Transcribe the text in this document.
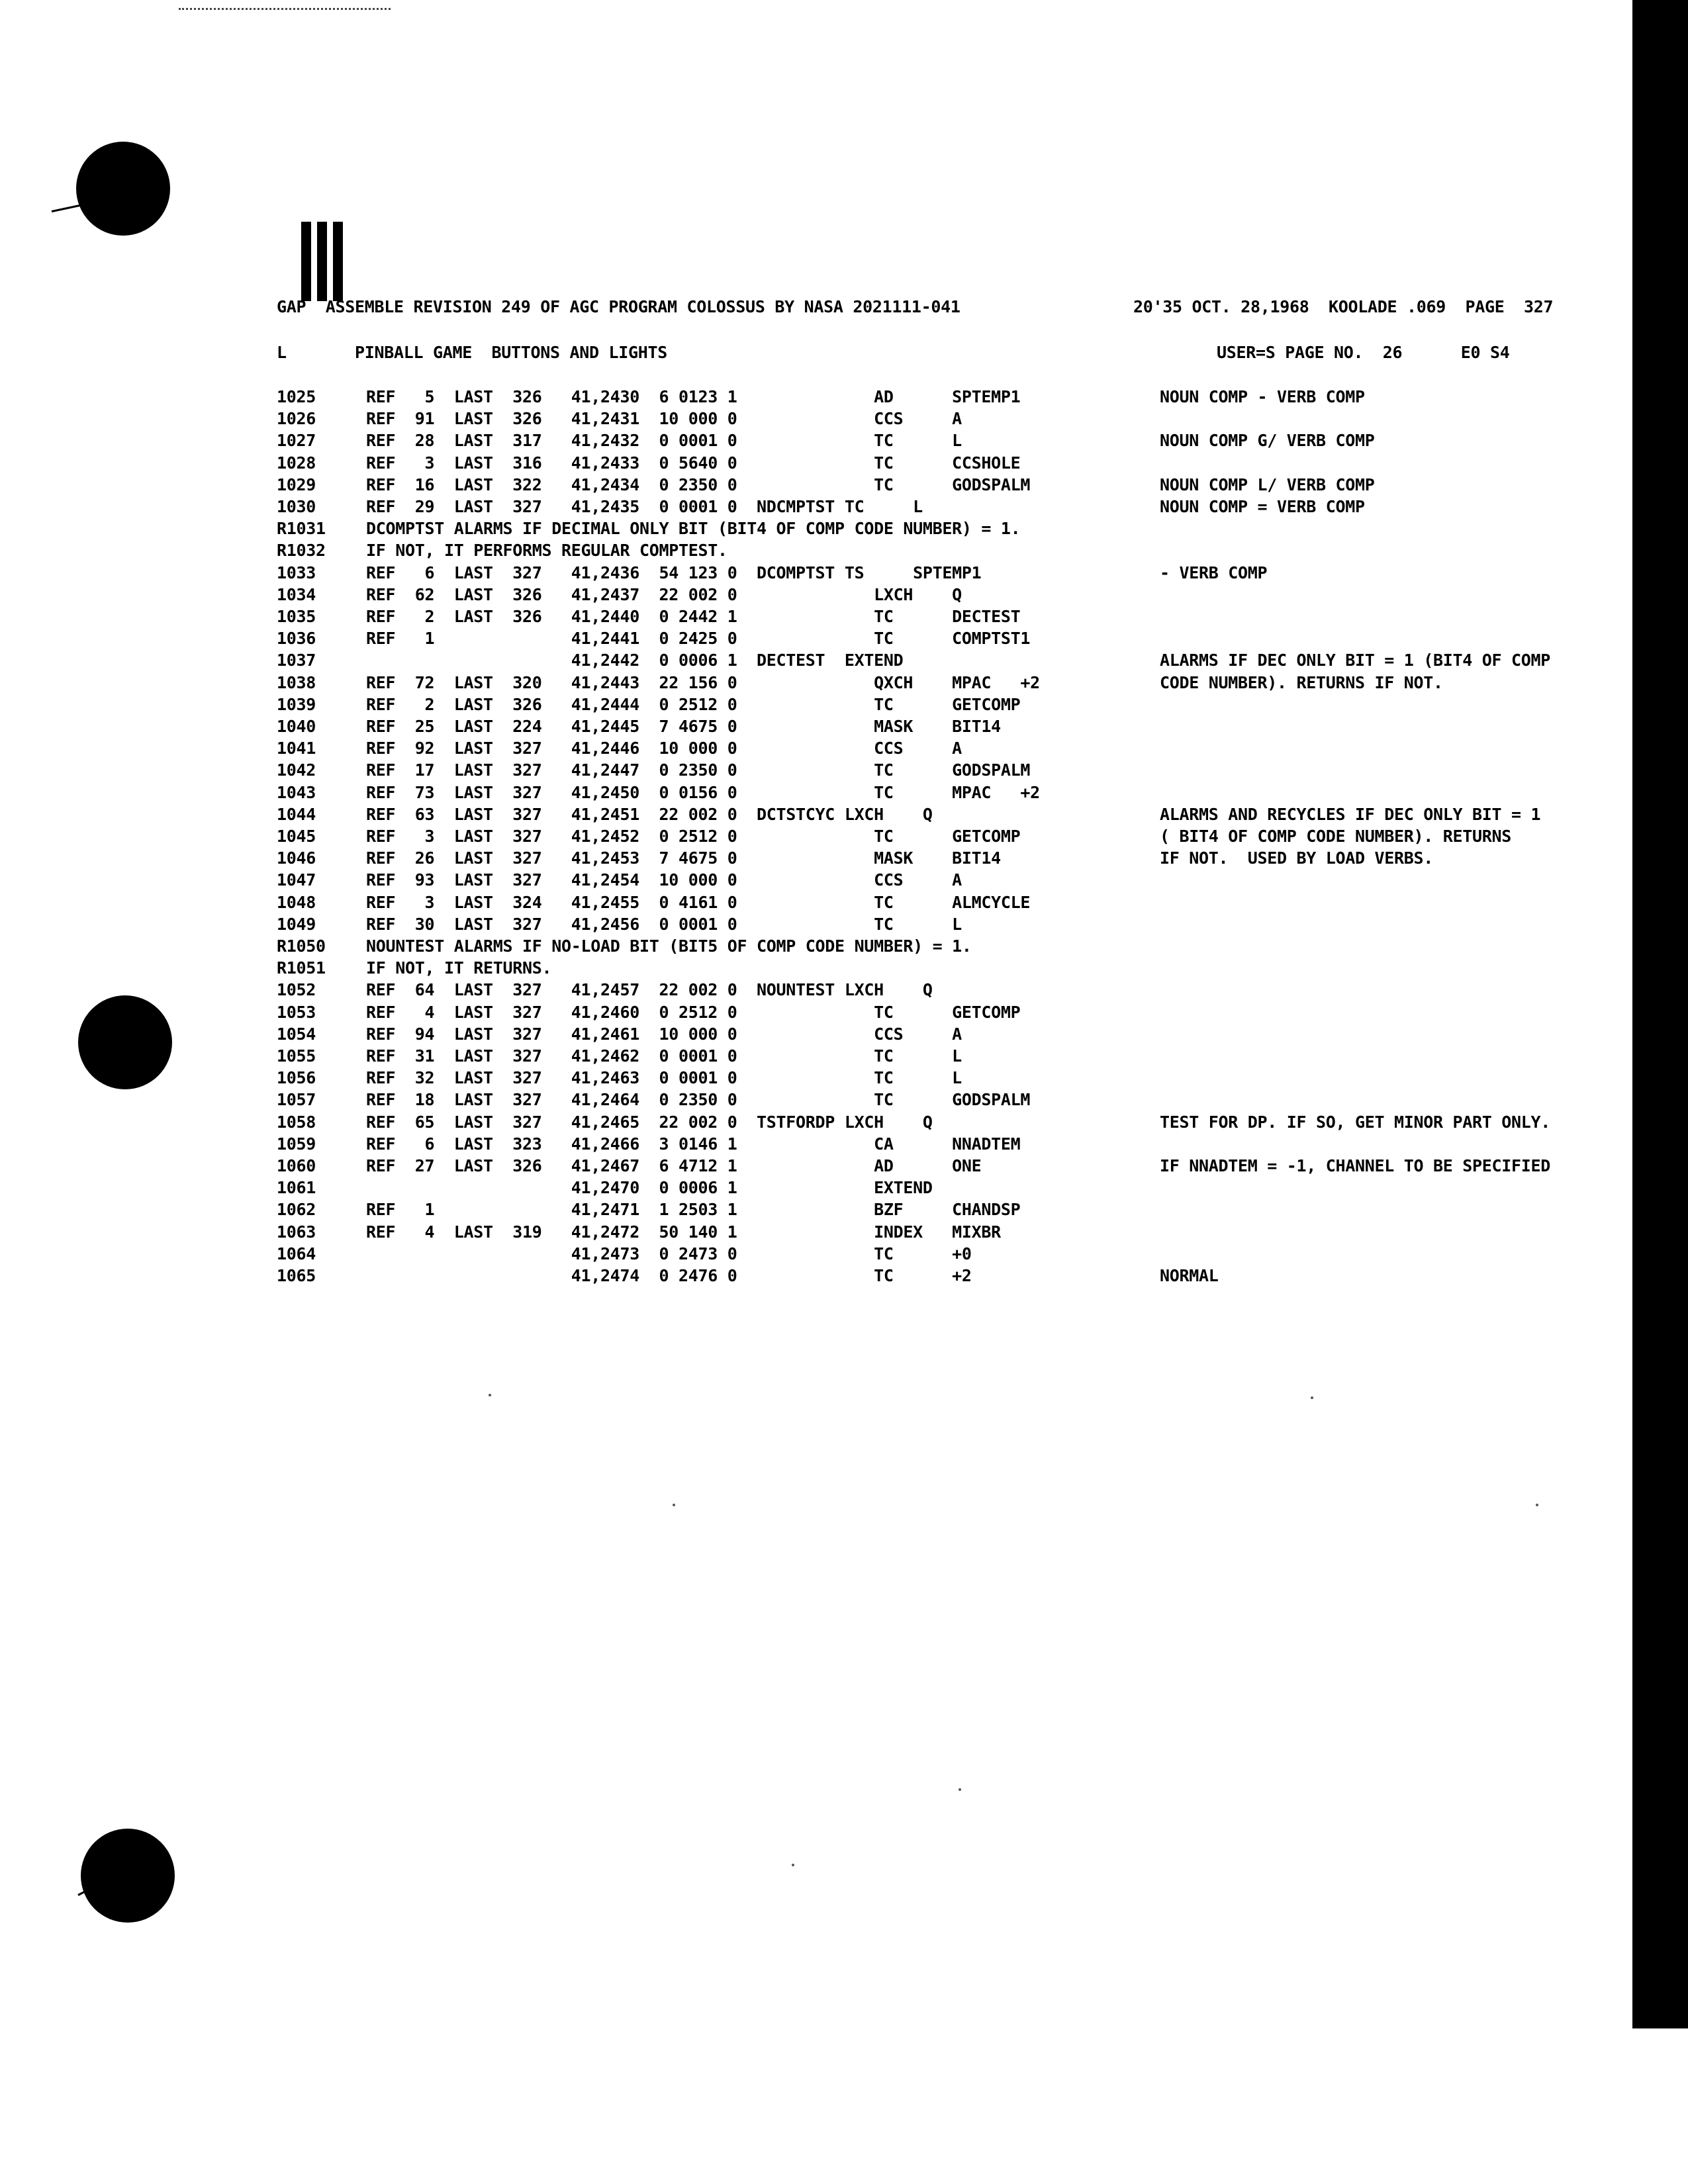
GAP  ASSEMBLE REVISION 249 OF AGC PROGRAM COLOSSUS BY NASA 2021111-041	20'35 OCT. 28,1968  KOOLADE .069  PAGE  327
L       PINBALL GAME  BUTTONS AND LIGHTS	USER=S PAGE NO.  26      E0 S4
1025	REF   5  LAST  326   41,2430  6 0123 1              AD      SPTEMP1	NOUN COMP - VERB COMP
1026	REF  91  LAST  326   41,2431  10 000 0              CCS     A
1027	REF  28  LAST  317   41,2432  0 0001 0              TC      L	NOUN COMP G/ VERB COMP
1028	REF   3  LAST  316   41,2433  0 5640 0              TC      CCSHOLE
1029	REF  16  LAST  322   41,2434  0 2350 0              TC      GODSPALM	NOUN COMP L/ VERB COMP
1030	REF  29  LAST  327   41,2435  0 0001 0  NDCMPTST TC     L	NOUN COMP = VERB COMP
R1031 DCOMPTST ALARMS IF DECIMAL ONLY BIT (BIT4 OF COMP CODE NUMBER) = 1.
R1032 IF NOT, IT PERFORMS REGULAR COMPTEST.
1033	REF   6  LAST  327   41,2436  54 123 0  DCOMPTST TS     SPTEMP1	- VERB COMP
1034	REF  62  LAST  326   41,2437  22 002 0              LXCH    Q
1035	REF   2  LAST  326   41,2440  0 2442 1              TC      DECTEST
1036	REF   1              41,2441  0 2425 0              TC      COMPTST1
1037	41,2442  0 0006 1  DECTEST  EXTEND	ALARMS IF DEC ONLY BIT = 1 (BIT4 OF COMP
1038	REF  72  LAST  320   41,2443  22 156 0              QXCH    MPAC   +2	CODE NUMBER). RETURNS IF NOT.
1039	REF   2  LAST  326   41,2444  0 2512 0              TC      GETCOMP
1040	REF  25  LAST  224   41,2445  7 4675 0              MASK    BIT14
1041	REF  92  LAST  327   41,2446  10 000 0              CCS     A
1042	REF  17  LAST  327   41,2447  0 2350 0              TC      GODSPALM
1043	REF  73  LAST  327   41,2450  0 0156 0              TC      MPAC   +2
1044	REF  63  LAST  327   41,2451  22 002 0  DCTSTCYC LXCH    Q	ALARMS AND RECYCLES IF DEC ONLY BIT = 1
1045	REF   3  LAST  327   41,2452  0 2512 0              TC      GETCOMP	( BIT4 OF COMP CODE NUMBER). RETURNS
1046	REF  26  LAST  327   41,2453  7 4675 0              MASK    BIT14	IF NOT.  USED BY LOAD VERBS.
1047	REF  93  LAST  327   41,2454  10 000 0              CCS     A
1048	REF   3  LAST  324   41,2455  0 4161 0              TC      ALMCYCLE
1049	REF  30  LAST  327   41,2456  0 0001 0              TC      L
R1050 NOUNTEST ALARMS IF NO-LOAD BIT (BIT5 OF COMP CODE NUMBER) = 1.
R1051 IF NOT, IT RETURNS.
1052	REF  64  LAST  327   41,2457  22 002 0  NOUNTEST LXCH    Q
1053	REF   4  LAST  327   41,2460  0 2512 0              TC      GETCOMP
1054	REF  94  LAST  327   41,2461  10 000 0              CCS     A
1055	REF  31  LAST  327   41,2462  0 0001 0              TC      L
1056	REF  32  LAST  327   41,2463  0 0001 0              TC      L
1057	REF  18  LAST  327   41,2464  0 2350 0              TC      GODSPALM
1058	REF  65  LAST  327   41,2465  22 002 0  TSTFORDP LXCH    Q	TEST FOR DP. IF SO, GET MINOR PART ONLY.
1059	REF   6  LAST  323   41,2466  3 0146 1              CA      NNADTEM
1060	REF  27  LAST  326   41,2467  6 4712 1              AD      ONE	IF NNADTEM = -1, CHANNEL TO BE SPECIFIED
1061	41,2470  0 0006 1              EXTEND
1062	REF   1              41,2471  1 2503 1              BZF     CHANDSP
1063	REF   4  LAST  319   41,2472  50 140 1              INDEX   MIXBR
1064	41,2473  0 2473 0              TC      +0
1065	41,2474  0 2476 0              TC      +2	NORMAL
